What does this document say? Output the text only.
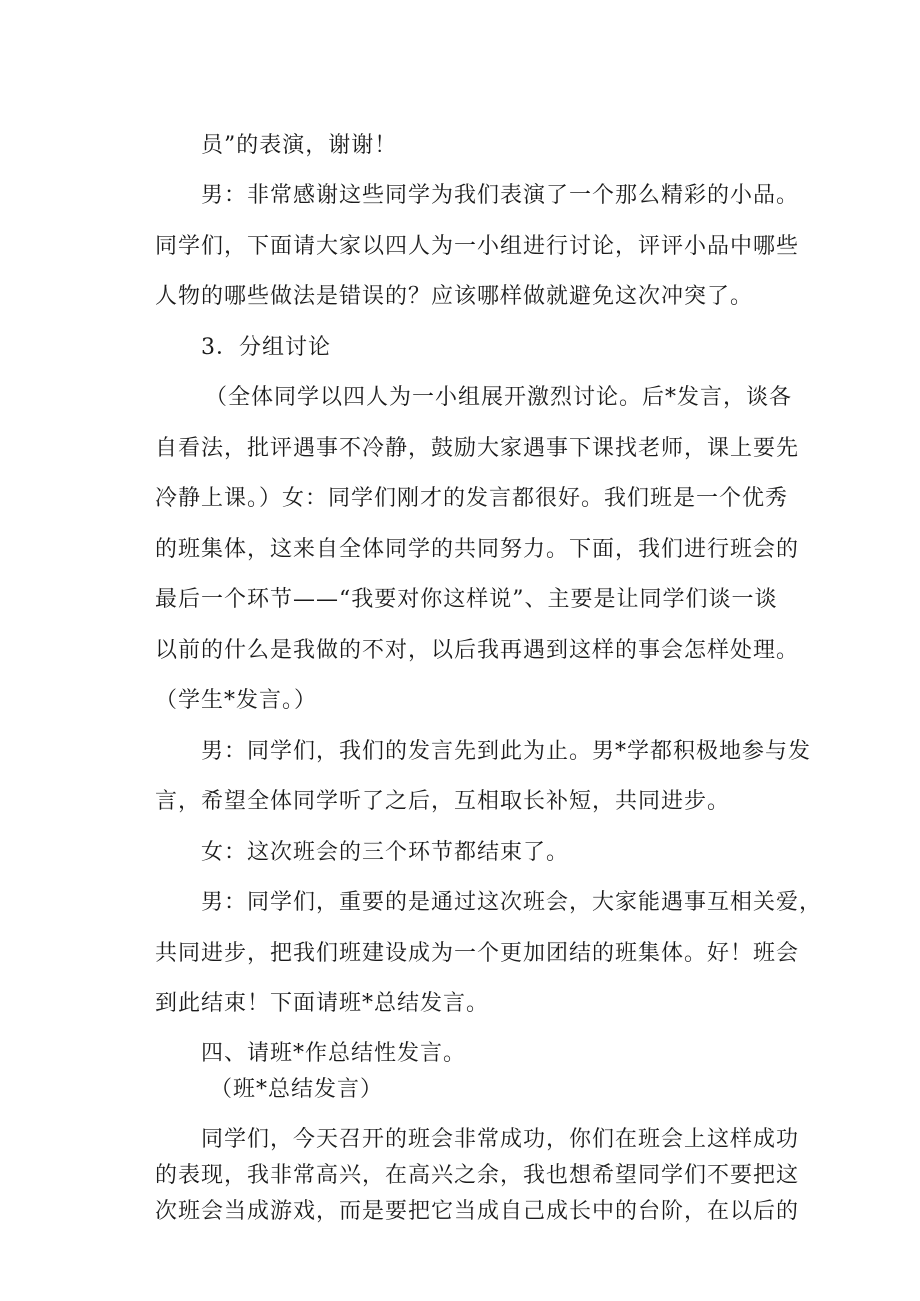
员”的表演，谢谢！
男：非常感谢这些同学为我们表演了一个那么精彩的小品。
同学们，下面请大家以四人为一小组进行讨论，评评小品中哪些
人物的哪些做法是错误的？应该哪样做就避免这次冲突了。
3．分组讨论
（全体同学以四人为一小组展开激烈讨论。后*发言，谈各
自看法，批评遇事不冷静，鼓励大家遇事下课找老师，课上要先
冷静上课。）女：同学们刚才的发言都很好。我们班是一个优秀
的班集体，这来自全体同学的共同努力。下面，我们进行班会的
最后一个环节——“我要对你这样说”、主要是让同学们谈一谈
以前的什么是我做的不对，以后我再遇到这样的事会怎样处理。
（学生*发言。）
男：同学们，我们的发言先到此为止。男*学都积极地参与发
言，希望全体同学听了之后，互相取长补短，共同进步。
女：这次班会的三个环节都结束了。
男：同学们，重要的是通过这次班会，大家能遇事互相关爱，
共同进步，把我们班建设成为一个更加团结的班集体。好！班会
到此结束！下面请班*总结发言。
四、请班*作总结性发言。
（班*总结发言）
同学们，今天召开的班会非常成功，你们在班会上这样成功
的表现，我非常高兴，在高兴之余，我也想希望同学们不要把这
次班会当成游戏，而是要把它当成自己成长中的台阶，在以后的
